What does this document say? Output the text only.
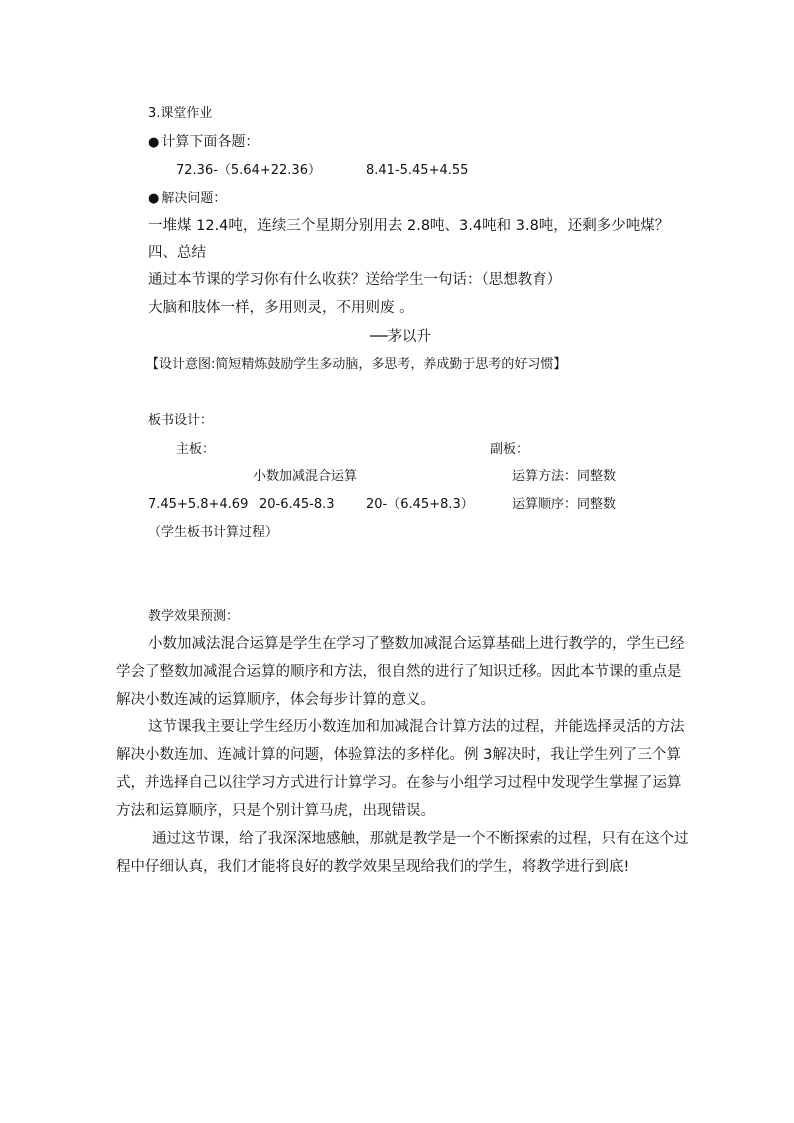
3.课堂作业
● 计算下面各题：
72.36-（5.64+22.36）	8.41-5.45+4.55
● 解决问题：
一堆煤 12.4吨，连续三个星期分别用去 2.8吨、3.4吨和 3.8吨，还剩多少吨煤？
四、总结
通过本节课的学习你有什么收获？送给学生一句话：（思想教育）
大脑和肢体一样，多用则灵，不用则废 。
──茅以升
【设计意图:简短精炼鼓励学生多动脑，多思考，养成勤于思考的好习惯】
板书设计：
主板：	副板：
小数加减混合运算	运算方法：同整数
7.45+5.8+4.69 20-6.45-8.3 20-（6.45+8.3）	运算顺序：同整数
（学生板书计算过程）
教学效果预测：
小数加减法混合运算是学生在学习了整数加减混合运算基础上进行教学的，学生已经
学会了整数加减混合运算的顺序和方法，很自然的进行了知识迁移。因此本节课的重点是
解决小数连减的运算顺序，体会每步计算的意义。
这节课我主要让学生经历小数连加和加减混合计算方法的过程，并能选择灵活的方法
解决小数连加、连减计算的问题，体验算法的多样化。例 3解决时，我让学生列了三个算
式，并选择自己以往学习方式进行计算学习。在参与小组学习过程中发现学生掌握了运算
方法和运算顺序，只是个别计算马虎，出现错误。
通过这节课，给了我深深地感触，那就是教学是一个不断探索的过程，只有在这个过
程中仔细认真，我们才能将良好的教学效果呈现给我们的学生，将教学进行到底!
